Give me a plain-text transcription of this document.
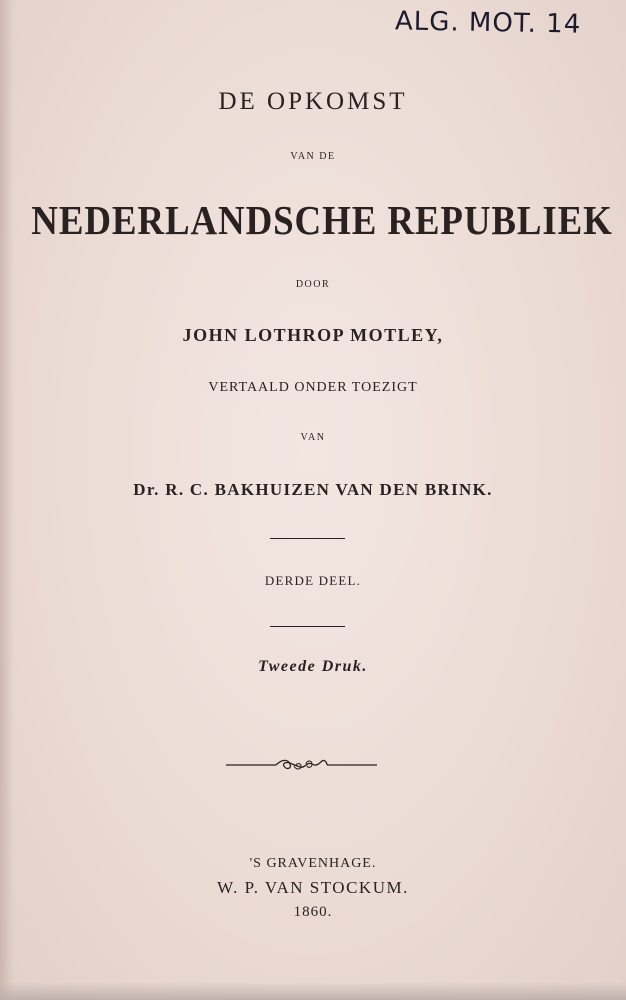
ALG. MOT. 14
DE OPKOMST
VAN DE
NEDERLANDSCHE REPUBLIEK
DOOR
JOHN LOTHROP MOTLEY,
VERTAALD ONDER TOEZIGT
VAN
Dr. R. C. BAKHUIZEN VAN DEN BRINK.
DERDE DEEL.
Tweede Druk.
'S GRAVENHAGE.
W. P. VAN STOCKUM.
1860.
